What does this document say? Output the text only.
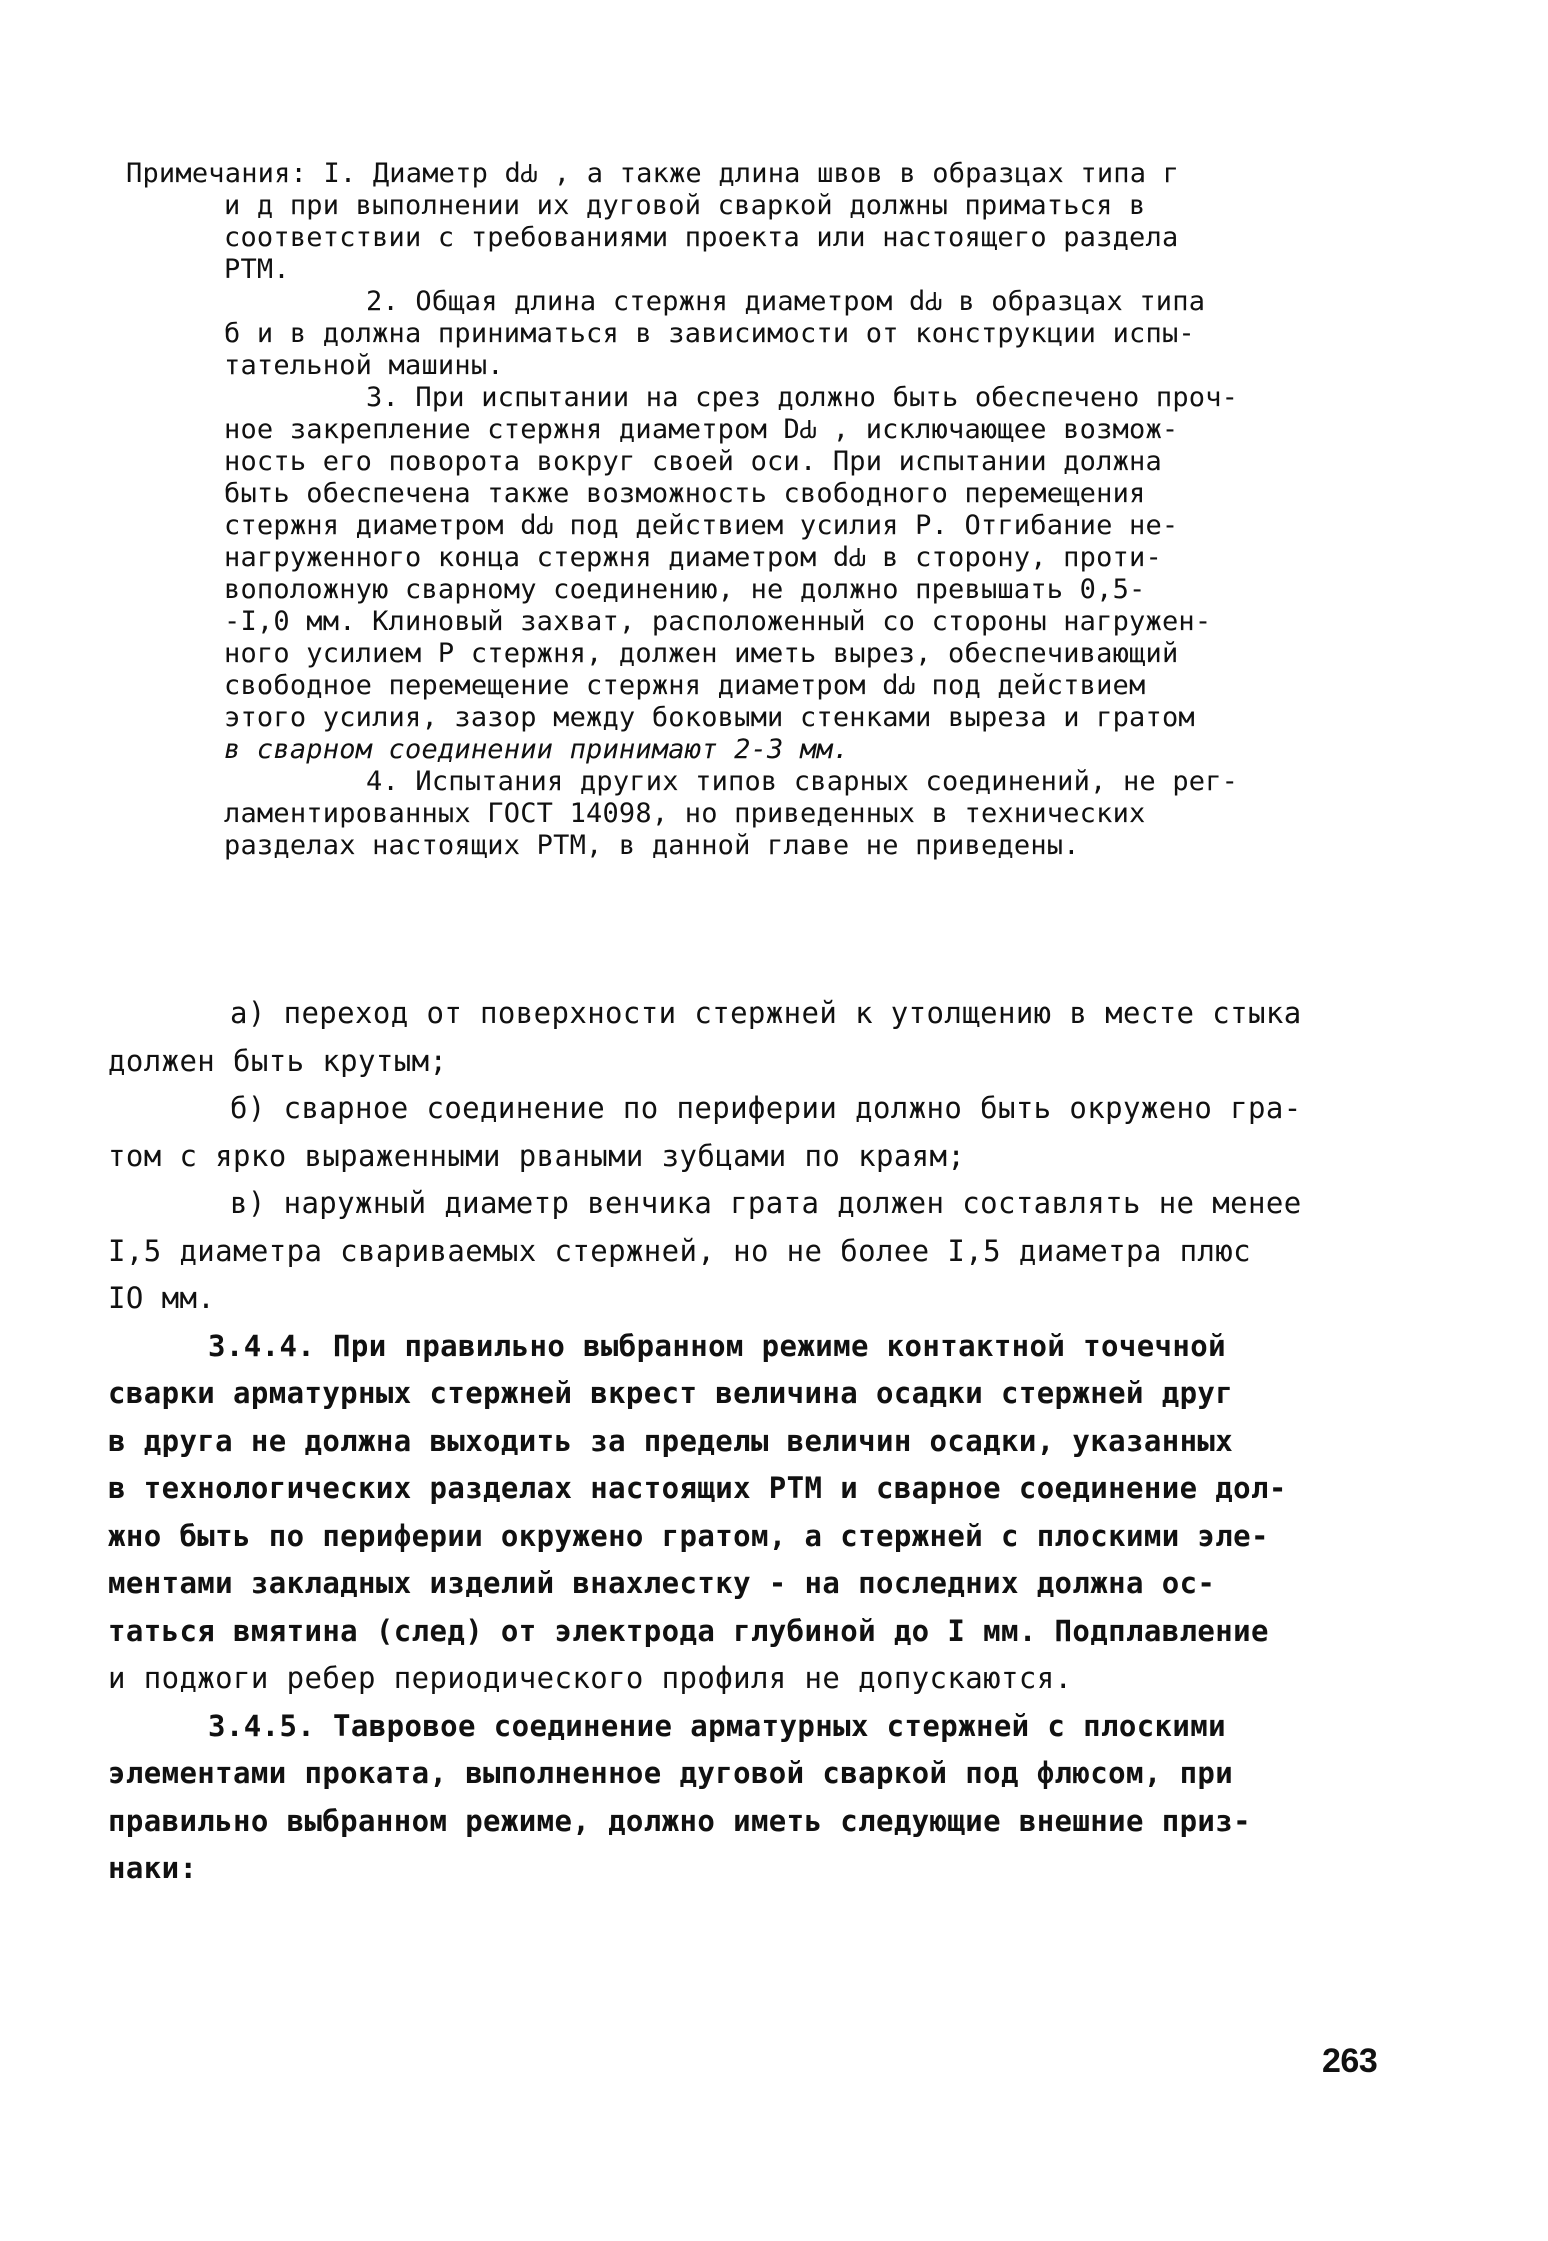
Примечания: I. Диаметр dԂ , а также длина швов в образцах типа г
и д при выполнении их дуговой сваркой должны приматься в
соответствии с требованиями проекта или настоящего раздела
РТМ.
2. Общая длина стержня диаметром dԂ в образцах типа
б и в должна приниматься в зависимости от конструкции испы-
тательной машины.
3. При испытании на срез должно быть обеспечено проч-
ное закрепление стержня диаметром DԂ , исключающее возмож-
ность его поворота вокруг своей оси. При испытании должна
быть обеспечена также возможность свободного перемещения
стержня диаметром dԂ под действием усилия Р. Отгибание не-
нагруженного конца стержня диаметром dԂ в сторону, проти-
воположную сварному соединению, не должно превышать 0,5-
-I,0 мм. Клиновый захват, расположенный со стороны нагружен-
ного усилием Р стержня, должен иметь вырез, обеспечивающий
свободное перемещение стержня диаметром dԂ под действием
этого усилия, зазор между боковыми стенками выреза и гратом
в сварном соединении принимают 2-3 мм.
4. Испытания других типов сварных соединений, не рег-
ламентированных ГОСТ 14098, но приведенных в технических
разделах настоящих РТМ, в данной главе не приведены.
а) переход от поверхности стержней к утолщению в месте стыка
должен быть крутым;
б) сварное соединение по периферии должно быть окружено гра-
том с ярко выраженными рваными зубцами по краям;
в) наружный диаметр венчика грата должен составлять не менее
I,5 диаметра свариваемых стержней, но не более I,5 диаметра плюс
IO мм.
3.4.4. При правильно выбранном режиме контактной точечной
сварки арматурных стержней вкрест величина осадки стержней друг
в друга не должна выходить за пределы величин осадки, указанных
в технологических разделах настоящих РТМ и сварное соединение дол-
жно быть по периферии окружено гратом, а стержней с плоскими эле-
ментами закладных изделий внахлестку - на последних должна ос-
таться вмятина (след) от электрода глубиной до I мм. Подплавление
и поджоги ребер периодического профиля не допускаются.
3.4.5. Тавровое соединение арматурных стержней с плоскими
элементами проката, выполненное дуговой сваркой под флюсом, при
правильно выбранном режиме, должно иметь следующие внешние приз-
наки:
263
